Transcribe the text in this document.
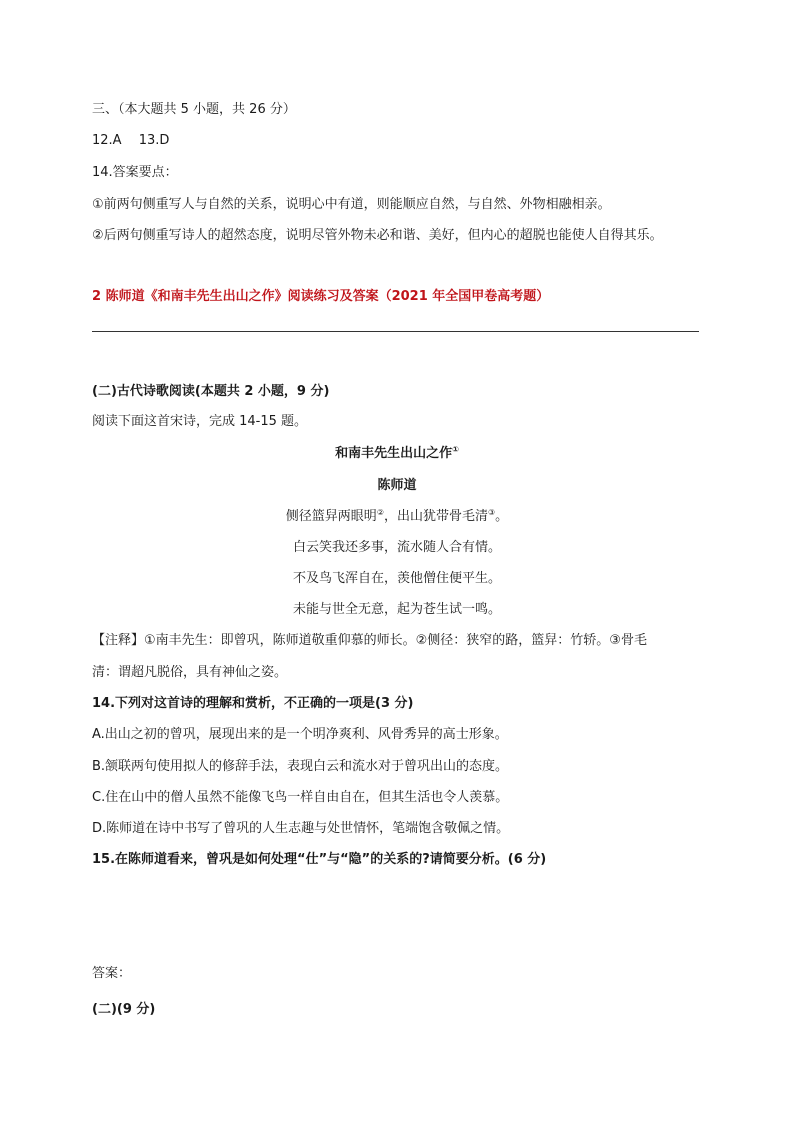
三、（本大题共 5 小题，共 26 分）
12.A　 13.D
14.答案要点：
①前两句侧重写人与自然的关系，说明心中有道，则能顺应自然，与自然、外物相融相亲。
②后两句侧重写诗人的超然态度，说明尽管外物未必和谐、美好，但内心的超脱也能使人自得其乐。
2 陈师道《和南丰先生出山之作》阅读练习及答案（2021 年全国甲卷高考题）
(二)古代诗歌阅读(本题共 2 小题，9 分)
阅读下面这首宋诗，完成 14-15 题。
和南丰先生出山之作①
陈师道
侧径篮舁两眼明②，出山犹带骨毛清③。
白云笑我还多事，流水随人合有情。
不及鸟飞浑自在，羡他僧住便平生。
未能与世全无意，起为苍生试一鸣。
【注释】①南丰先生：即曾巩，陈师道敬重仰慕的师长。②侧径：狭窄的路，篮舁：竹轿。③骨毛
清：谓超凡脱俗，具有神仙之姿。
14.下列对这首诗的理解和赏析，不正确的一项是(3 分)
A.出山之初的曾巩，展现出来的是一个明净爽利、风骨秀异的高士形象。
B.颔联两句使用拟人的修辞手法，表现白云和流水对于曾巩出山的态度。
C.住在山中的僧人虽然不能像飞鸟一样自由自在，但其生活也令人羡慕。
D.陈师道在诗中书写了曾巩的人生志趣与处世情怀，笔端饱含敬佩之情。
15.在陈师道看来，曾巩是如何处理“仕”与“隐”的关系的?请简要分析。(6 分)
答案：
(二)(9 分)
